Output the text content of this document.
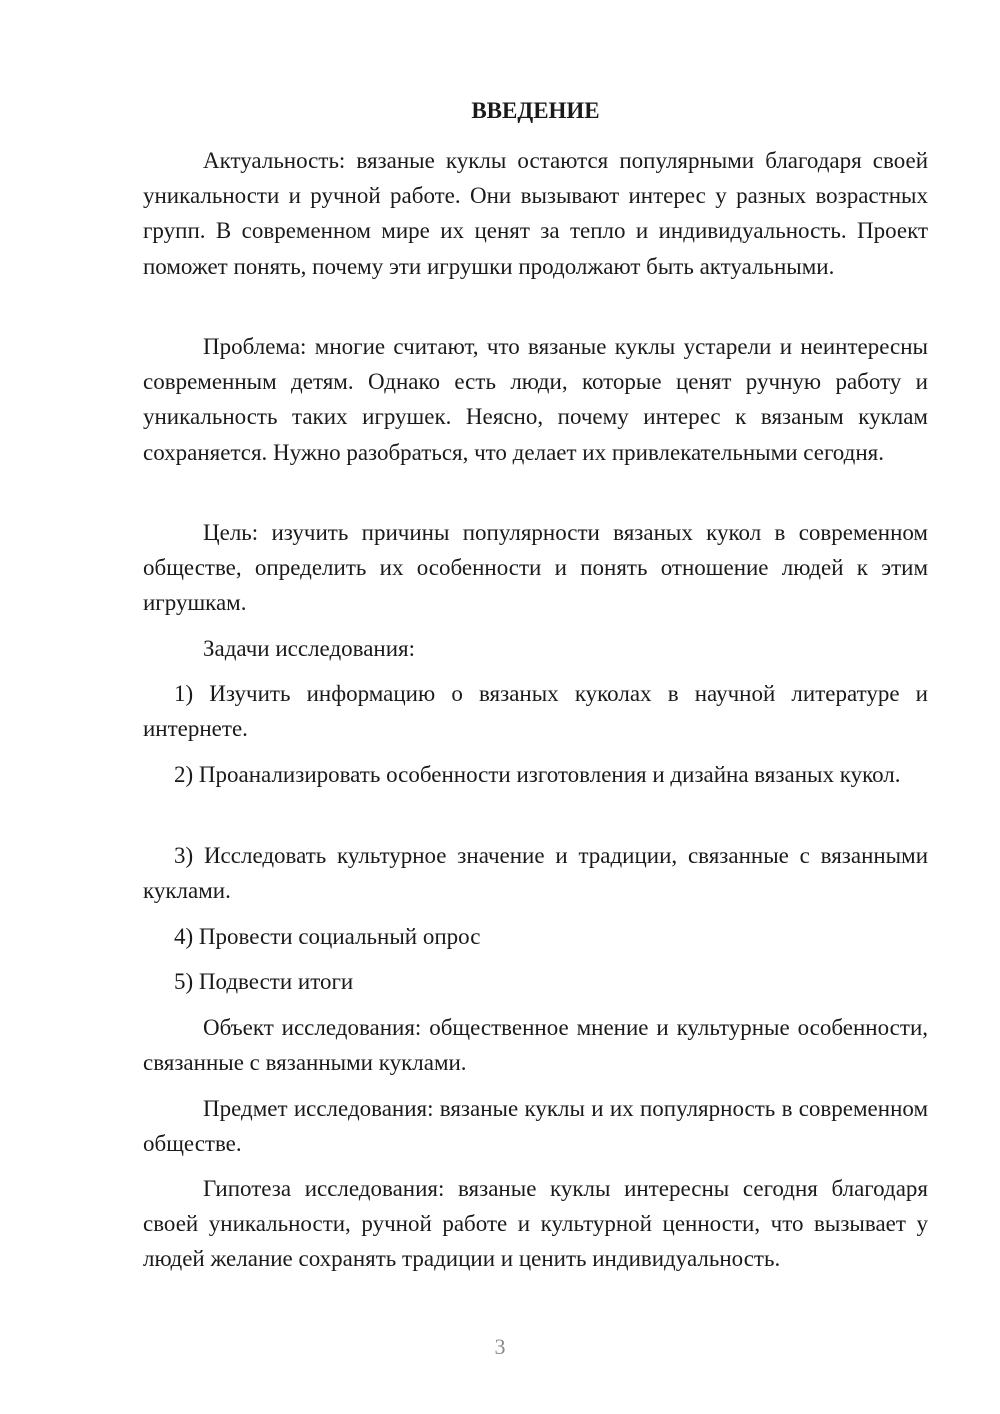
ВВЕДЕНИЕ

Актуальность: вязаные куклы остаются популярными благодаря своей уникальности и ручной работе. Они вызывают интерес у разных возрастных групп. В современном мире их ценят за тепло и индивидуальность. Проект поможет понять, почему эти игрушки продолжают быть актуальными.

Проблема: многие считают, что вязаные куклы устарели и неинтересны современным детям. Однако есть люди, которые ценят ручную работу и уникальность таких игрушек. Неясно, почему интерес к вязаным куклам сохраняется. Нужно разобраться, что делает их привлекательными сегодня.

Цель: изучить причины популярности вязаных кукол в современном обществе, определить их особенности и понять отношение людей к этим игрушкам.

Задачи исследования:

1) Изучить информацию о вязаных куколах в научной литературе и интернете.

2) Проанализировать особенности изготовления и дизайна вязаных кукол.

3) Исследовать культурное значение и традиции, связанные с вязанными куклами.

4) Провести социальный опрос

5) Подвести итоги

Объект исследования: общественное мнение и культурные особенности, связанные с вязанными куклами.

Предмет исследования: вязаные куклы и их популярность в современном обществе.

Гипотеза исследования: вязаные куклы интересны сегодня благодаря своей уникальности, ручной работе и культурной ценности, что вызывает у людей желание сохранять традиции и ценить индивидуальность.

3
